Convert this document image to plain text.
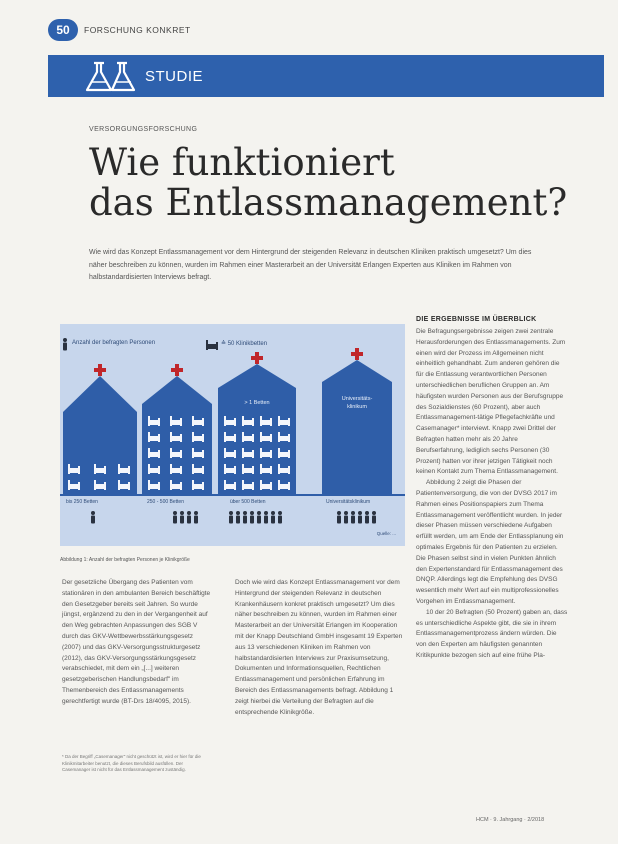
50	FORSCHUNG KONKRET
STUDIE
VERSORGUNGSFORSCHUNG
Wie funktioniert
das Entlassmanagement?

Wie wird das Konzept Entlassmanagement vor dem Hintergrund der steigenden Relevanz in deutschen Kliniken praktisch umgesetzt? Um dies näher beschreiben zu können, wurden im Rahmen einer Masterarbeit an der Universität Erlangen Experten aus Kliniken im Rahmen von halbstandardisierten Interviews befragt.

> 1 Betten
Universitäts-
klinikum
bis 250 Betten	250 - 500 Betten	über 500 Betten	Universitätsklinikum
Quelle: ...
Anzahl der befragten Personen	≙ 50 Klinikbetten
Abbildung 1: Anzahl der befragten Personen je Klinikgröße

Der gesetzliche Übergang des Patienten vom stationären in den ambulanten Bereich beschäftigte den Gesetzgeber bereits seit Jahren. So wurde jüngst, ergänzend zu den in der Vergangenheit auf den Weg gebrachten Anpassungen des SGB V durch das GKV-Wettbewerbsstärkungsgesetz (2007) und das GKV-Versorgungsstrukturgesetz (2012), das GKV-Versorgungsstärkungsgesetz verabschiedet, mit dem ein „[...] weiteren gesetzgeberischen Handlungsbedarf" im Themenbereich des Entlassmanagements gerechtfertigt wurde (BT-Drs 18/4095, 2015).

* Da der Begriff „Casemanager" nicht geschützt ist, wird er hier für die Klinikmitarbeiter benutzt, die dieses Berufsbild ausfüllen. Der Casemanager ist nicht für das Entlassmanagement zuständig.

Doch wie wird das Konzept Entlassmanagement vor dem Hintergrund der steigenden Relevanz in deutschen Krankenhäusern konkret praktisch umgesetzt? Um dies näher beschreiben zu können, wurden im Rahmen einer Masterarbeit an der Universität Erlangen im Kooperation mit der Knapp Deutschland GmbH insgesamt 19 Experten aus 13 verschiedenen Kliniken im Rahmen von halbstandardisierten Interviews zur Praxisumsetzung, Dokumenten und Informationsquellen, Rechtlichen Entlassmanagement und persönlichen Erfahrung im Bereich des Entlassmanagements befragt. Abbildung 1 zeigt hierbei die Verteilung der Befragten auf die entsprechende Klinikgröße.

DIE ERGEBNISSE IM ÜBERBLICK

Die Befragungsergebnisse zeigen zwei zentrale Herausforderungen des Entlassmanagements. Zum einen wird der Prozess im Allgemeinen nicht einheitlich gehandhabt. Zum anderen gehören die für die Entlassung verantwortlichen Personen unterschiedlichen beruflichen Gruppen an. Am häufigsten wurden Personen aus der Berufsgruppe des Sozialdienstes (60 Prozent), aber auch Entlassmanagement-tätige Pflegefachkräfte und Casemanager* interviewt. Knapp zwei Drittel der Befragten hatten mehr als 20 Jahre Berufserfahrung, lediglich sechs Personen (30 Prozent) hatten vor ihrer jetzigen Tätigkeit noch keinen Kontakt zum Thema Entlassmanagement.

Abbildung 2 zeigt die Phasen der Patientenversorgung, die von der DVSG 2017 im Rahmen eines Positionspapiers zum Thema Entlassmanagement veröffentlicht wurden. In jeder dieser Phasen müssen verschiedene Aufgaben erfüllt werden, um am Ende der Entlassplanung ein optimales Ergebnis für den Patienten zu erzielen. Die Phasen selbst sind in vielen Punkten ähnlich den Expertenstandard für Entlassmanagement des DNQP. Allerdings legt die Empfehlung des DVSG wesentlich mehr Wert auf ein multiprofessionelles Vorgehen im Entlassmanagement.

10 der 20 Befragten (50 Prozent) gaben an, dass es unterschiedliche Aspekte gibt, die sie in ihrem Entlassmanagementprozess ändern würden. Die von den Experten am häufigsten genannten Kritikpunkte bezogen sich auf eine frühe Pla-

HCM · 9. Jahrgang · 2/2018
